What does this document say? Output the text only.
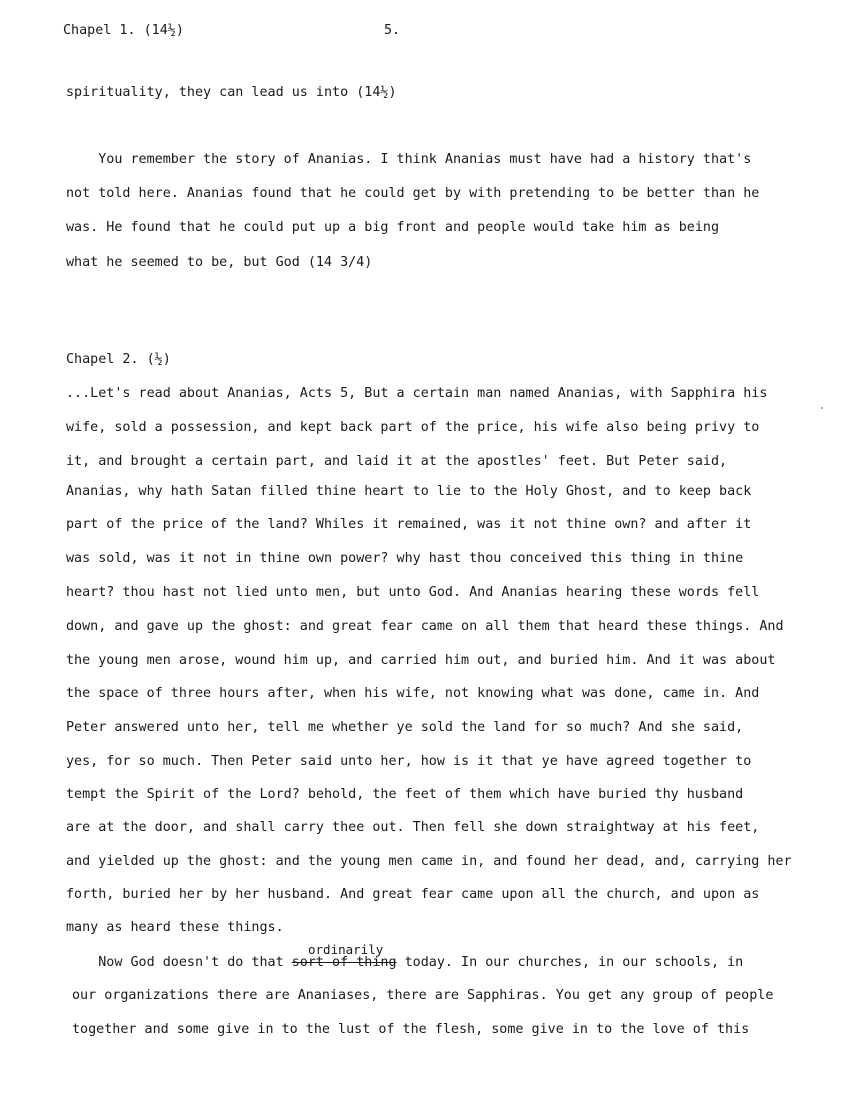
Chapel 1. (14½)	5.
spirituality, they can lead us into (14½)
You remember the story of Ananias. I think Ananias must have had a history that's
not told here. Ananias found that he could get by with pretending to be better than he
was. He found that he could put up a big front and people would take him as being
what he seemed to be, but God (14 3/4)
Chapel 2. (½)
...Let's read about Ananias, Acts 5, But a certain man named Ananias, with Sapphira his
wife, sold a possession, and kept back part of the price, his wife also being privy to
it, and brought a certain part, and laid it at the apostles' feet. But Peter said,
Ananias, why hath Satan filled thine heart to lie to the Holy Ghost, and to keep back
part of the price of the land? Whiles it remained, was it not thine own? and after it
was sold, was it not in thine own power? why hast thou conceived this thing in thine
heart? thou hast not lied unto men, but unto God. And Ananias hearing these words fell
down, and gave up the ghost: and great fear came on all them that heard these things. And
the young men arose, wound him up, and carried him out, and buried him. And it was about
the space of three hours after, when his wife, not knowing what was done, came in. And
Peter answered unto her, tell me whether ye sold the land for so much? And she said,
yes, for so much. Then Peter said unto her, how is it that ye have agreed together to
tempt the Spirit of the Lord? behold, the feet of them which have buried thy husband
are at the door, and shall carry thee out. Then fell she down straightway at his feet,
and yielded up the ghost: and the young men came in, and found her dead, and, carrying her
forth, buried her by her husband. And great fear came upon all the church, and upon as
many as heard these things.
ordinarily
Now God doesn't do that sort-of-thing today. In our churches, in our schools, in
our organizations there are Ananiases, there are Sapphiras. You get any group of people
together and some give in to the lust of the flesh, some give in to the love of this
